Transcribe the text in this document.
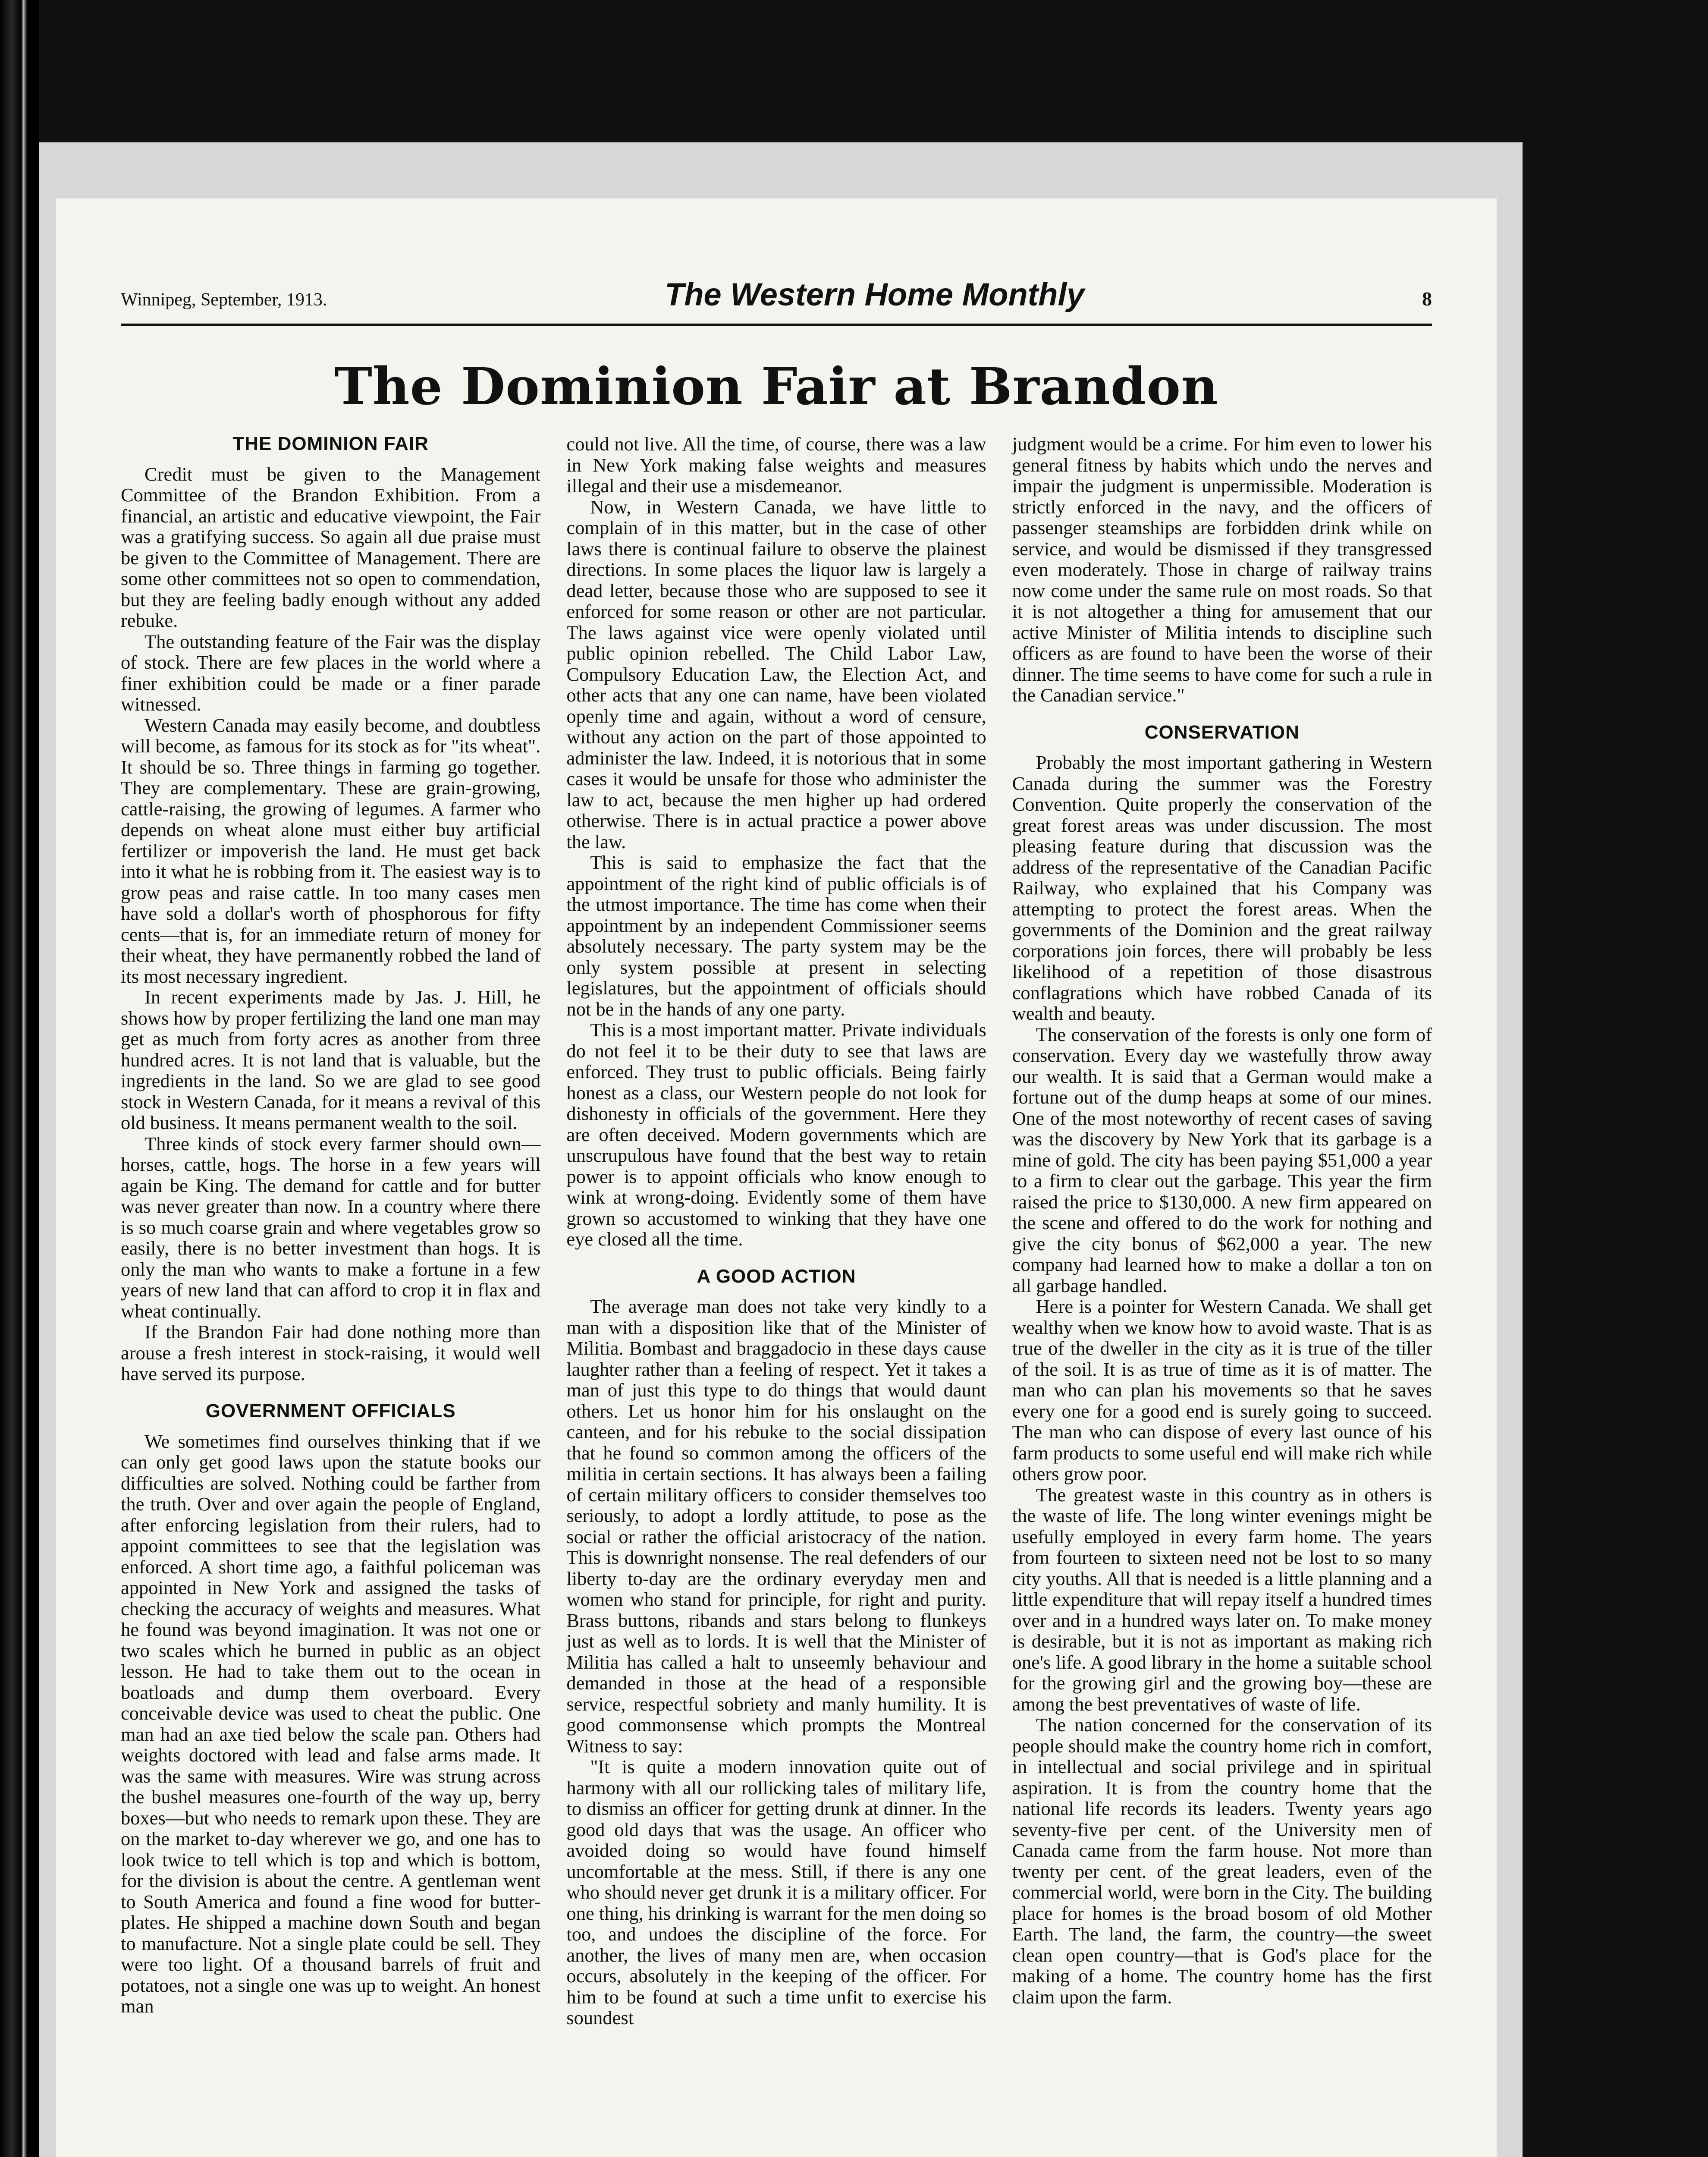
Winnipeg, September, 1913.	The Western Home Monthly	8
The Dominion Fair at Brandon
THE DOMINION FAIR

Credit must be given to the Management Committee of the Brandon Exhibition. From a financial, an artistic and educative viewpoint, the Fair was a gratifying success. So again all due praise must be given to the Committee of Management. There are some other committees not so open to commendation, but they are feeling badly enough without any added rebuke.

The outstanding feature of the Fair was the display of stock. There are few places in the world where a finer exhibition could be made or a finer parade witnessed.

Western Canada may easily become, and doubtless will become, as famous for its stock as for "its wheat". It should be so. Three things in farming go together. They are complementary. These are grain-growing, cattle-raising, the growing of legumes. A farmer who depends on wheat alone must either buy artificial fertilizer or impoverish the land. He must get back into it what he is robbing from it. The easiest way is to grow peas and raise cattle. In too many cases men have sold a dollar's worth of phosphorous for fifty cents—that is, for an immediate return of money for their wheat, they have permanently robbed the land of its most necessary ingredient.

In recent experiments made by Jas. J. Hill, he shows how by proper fertilizing the land one man may get as much from forty acres as another from three hundred acres. It is not land that is valuable, but the ingredients in the land. So we are glad to see good stock in Western Canada, for it means a revival of this old business. It means permanent wealth to the soil.

Three kinds of stock every farmer should own—horses, cattle, hogs. The horse in a few years will again be King. The demand for cattle and for butter was never greater than now. In a country where there is so much coarse grain and where vegetables grow so easily, there is no better investment than hogs. It is only the man who wants to make a fortune in a few years of new land that can afford to crop it in flax and wheat continually.

If the Brandon Fair had done nothing more than arouse a fresh interest in stock-raising, it would well have served its purpose.

GOVERNMENT OFFICIALS

We sometimes find ourselves thinking that if we can only get good laws upon the statute books our difficulties are solved. Nothing could be farther from the truth. Over and over again the people of England, after enforcing legislation from their rulers, had to appoint committees to see that the legislation was enforced. A short time ago, a faithful policeman was appointed in New York and assigned the tasks of checking the accuracy of weights and measures. What he found was beyond imagination. It was not one or two scales which he burned in public as an object lesson. He had to take them out to the ocean in boatloads and dump them overboard. Every conceivable device was used to cheat the public. One man had an axe tied below the scale pan. Others had weights doctored with lead and false arms made. It was the same with measures. Wire was strung across the bushel measures one-fourth of the way up, berry boxes—but who needs to remark upon these. They are on the market to-day wherever we go, and one has to look twice to tell which is top and which is bottom, for the division is about the centre. A gentleman went to South America and found a fine wood for butter-plates. He shipped a machine down South and began to manufacture. Not a single plate could be sell. They were too light. Of a thousand barrels of fruit and potatoes, not a single one was up to weight. An honest man

could not live. All the time, of course, there was a law in New York making false weights and measures illegal and their use a misdemeanor.

Now, in Western Canada, we have little to complain of in this matter, but in the case of other laws there is continual failure to observe the plainest directions. In some places the liquor law is largely a dead letter, because those who are supposed to see it enforced for some reason or other are not particular. The laws against vice were openly violated until public opinion rebelled. The Child Labor Law, Compulsory Education Law, the Election Act, and other acts that any one can name, have been violated openly time and again, without a word of censure, without any action on the part of those appointed to administer the law. Indeed, it is notorious that in some cases it would be unsafe for those who administer the law to act, because the men higher up had ordered otherwise. There is in actual practice a power above the law.

This is said to emphasize the fact that the appointment of the right kind of public officials is of the utmost importance. The time has come when their appointment by an independent Commissioner seems absolutely necessary. The party system may be the only system possible at present in selecting legislatures, but the appointment of officials should not be in the hands of any one party.

This is a most important matter. Private individuals do not feel it to be their duty to see that laws are enforced. They trust to public officials. Being fairly honest as a class, our Western people do not look for dishonesty in officials of the government. Here they are often deceived. Modern governments which are unscrupulous have found that the best way to retain power is to appoint officials who know enough to wink at wrong-doing. Evidently some of them have grown so accustomed to winking that they have one eye closed all the time.

A GOOD ACTION

The average man does not take very kindly to a man with a disposition like that of the Minister of Militia. Bombast and braggadocio in these days cause laughter rather than a feeling of respect. Yet it takes a man of just this type to do things that would daunt others. Let us honor him for his onslaught on the canteen, and for his rebuke to the social dissipation that he found so common among the officers of the militia in certain sections. It has always been a failing of certain military officers to consider themselves too seriously, to adopt a lordly attitude, to pose as the social or rather the official aristocracy of the nation. This is downright nonsense. The real defenders of our liberty to-day are the ordinary everyday men and women who stand for principle, for right and purity. Brass buttons, ribands and stars belong to flunkeys just as well as to lords. It is well that the Minister of Militia has called a halt to unseemly behaviour and demanded in those at the head of a responsible service, respectful sobriety and manly humility. It is good commonsense which prompts the Montreal Witness to say:

"It is quite a modern innovation quite out of harmony with all our rollicking tales of military life, to dismiss an officer for getting drunk at dinner. In the good old days that was the usage. An officer who avoided doing so would have found himself uncomfortable at the mess. Still, if there is any one who should never get drunk it is a military officer. For one thing, his drinking is warrant for the men doing so too, and undoes the discipline of the force. For another, the lives of many men are, when occasion occurs, absolutely in the keeping of the officer. For him to be found at such a time unfit to exercise his soundest

judgment would be a crime. For him even to lower his general fitness by habits which undo the nerves and impair the judgment is unpermissible. Moderation is strictly enforced in the navy, and the officers of passenger steamships are forbidden drink while on service, and would be dismissed if they transgressed even moderately. Those in charge of railway trains now come under the same rule on most roads. So that it is not altogether a thing for amusement that our active Minister of Militia intends to discipline such officers as are found to have been the worse of their dinner. The time seems to have come for such a rule in the Canadian service."

CONSERVATION

Probably the most important gathering in Western Canada during the summer was the Forestry Convention. Quite properly the conservation of the great forest areas was under discussion. The most pleasing feature during that discussion was the address of the representative of the Canadian Pacific Railway, who explained that his Company was attempting to protect the forest areas. When the governments of the Dominion and the great railway corporations join forces, there will probably be less likelihood of a repetition of those disastrous conflagrations which have robbed Canada of its wealth and beauty.

The conservation of the forests is only one form of conservation. Every day we wastefully throw away our wealth. It is said that a German would make a fortune out of the dump heaps at some of our mines. One of the most noteworthy of recent cases of saving was the discovery by New York that its garbage is a mine of gold. The city has been paying $51,000 a year to a firm to clear out the garbage. This year the firm raised the price to $130,000. A new firm appeared on the scene and offered to do the work for nothing and give the city bonus of $62,000 a year. The new company had learned how to make a dollar a ton on all garbage handled.

Here is a pointer for Western Canada. We shall get wealthy when we know how to avoid waste. That is as true of the dweller in the city as it is true of the tiller of the soil. It is as true of time as it is of matter. The man who can plan his movements so that he saves every one for a good end is surely going to succeed. The man who can dispose of every last ounce of his farm products to some useful end will make rich while others grow poor.

The greatest waste in this country as in others is the waste of life. The long winter evenings might be usefully employed in every farm home. The years from fourteen to sixteen need not be lost to so many city youths. All that is needed is a little planning and a little expenditure that will repay itself a hundred times over and in a hundred ways later on. To make money is desirable, but it is not as important as making rich one's life. A good library in the home a suitable school for the growing girl and the growing boy—these are among the best preventatives of waste of life.

The nation concerned for the conservation of its people should make the country home rich in comfort, in intellectual and social privilege and in spiritual aspiration. It is from the country home that the national life records its leaders. Twenty years ago seventy-five per cent. of the University men of Canada came from the farm house. Not more than twenty per cent. of the great leaders, even of the commercial world, were born in the City. The building place for homes is the broad bosom of old Mother Earth. The land, the farm, the country—the sweet clean open country—that is God's place for the making of a home. The country home has the first claim upon the farm.
